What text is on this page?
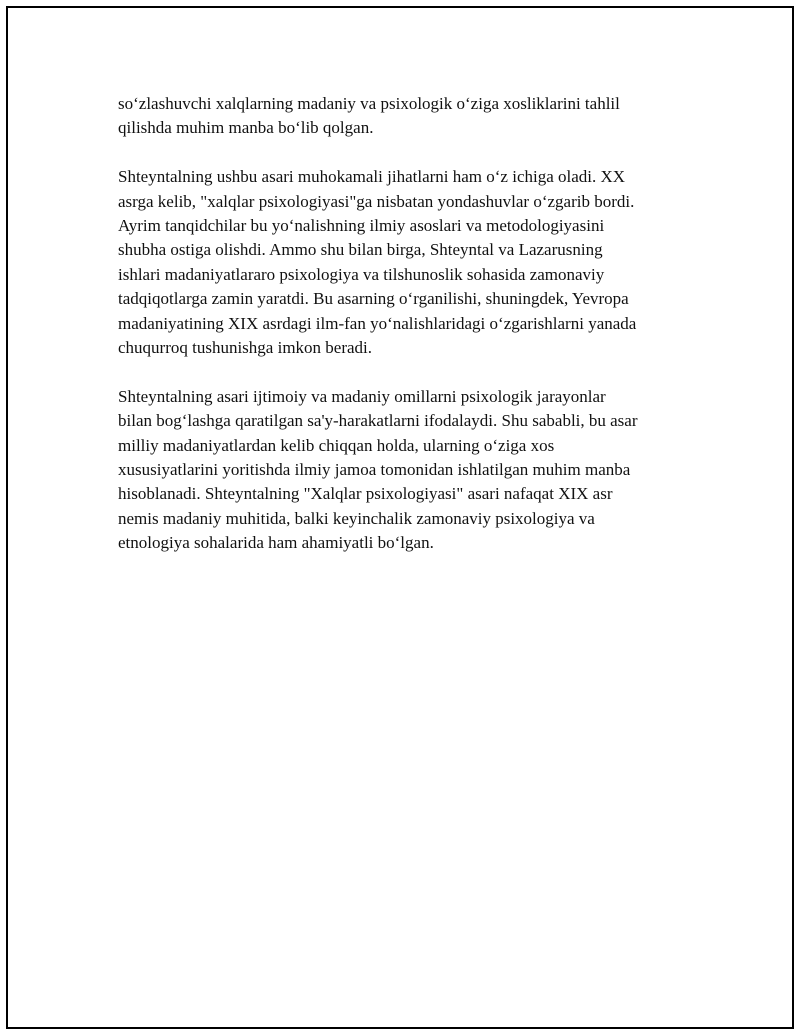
so‘zlashuvchi xalqlarning madaniy va psixologik o‘ziga xosliklarini tahlil
qilishda muhim manba bo‘lib qolgan.

Shteyntalning ushbu asari muhokamali jihatlarni ham o‘z ichiga oladi. XX
asrga kelib, "xalqlar psixologiyasi"ga nisbatan yondashuvlar o‘zgarib bordi.
Ayrim tanqidchilar bu yo‘nalishning ilmiy asoslari va metodologiyasini
shubha ostiga olishdi. Ammo shu bilan birga, Shteyntal va Lazarusning
ishlari madaniyatlararo psixologiya va tilshunoslik sohasida zamonaviy
tadqiqotlarga zamin yaratdi. Bu asarning o‘rganilishi, shuningdek, Yevropa
madaniyatining XIX asrdagi ilm-fan yo‘nalishlaridagi o‘zgarishlarni yanada
chuqurroq tushunishga imkon beradi.

Shteyntalning asari ijtimoiy va madaniy omillarni psixologik jarayonlar
bilan bog‘lashga qaratilgan sa'y-harakatlarni ifodalaydi. Shu sababli, bu asar
milliy madaniyatlardan kelib chiqqan holda, ularning o‘ziga xos
xususiyatlarini yoritishda ilmiy jamoa tomonidan ishlatilgan muhim manba
hisoblanadi. Shteyntalning "Xalqlar psixologiyasi" asari nafaqat XIX asr
nemis madaniy muhitida, balki keyinchalik zamonaviy psixologiya va
etnologiya sohalarida ham ahamiyatli bo‘lgan.
